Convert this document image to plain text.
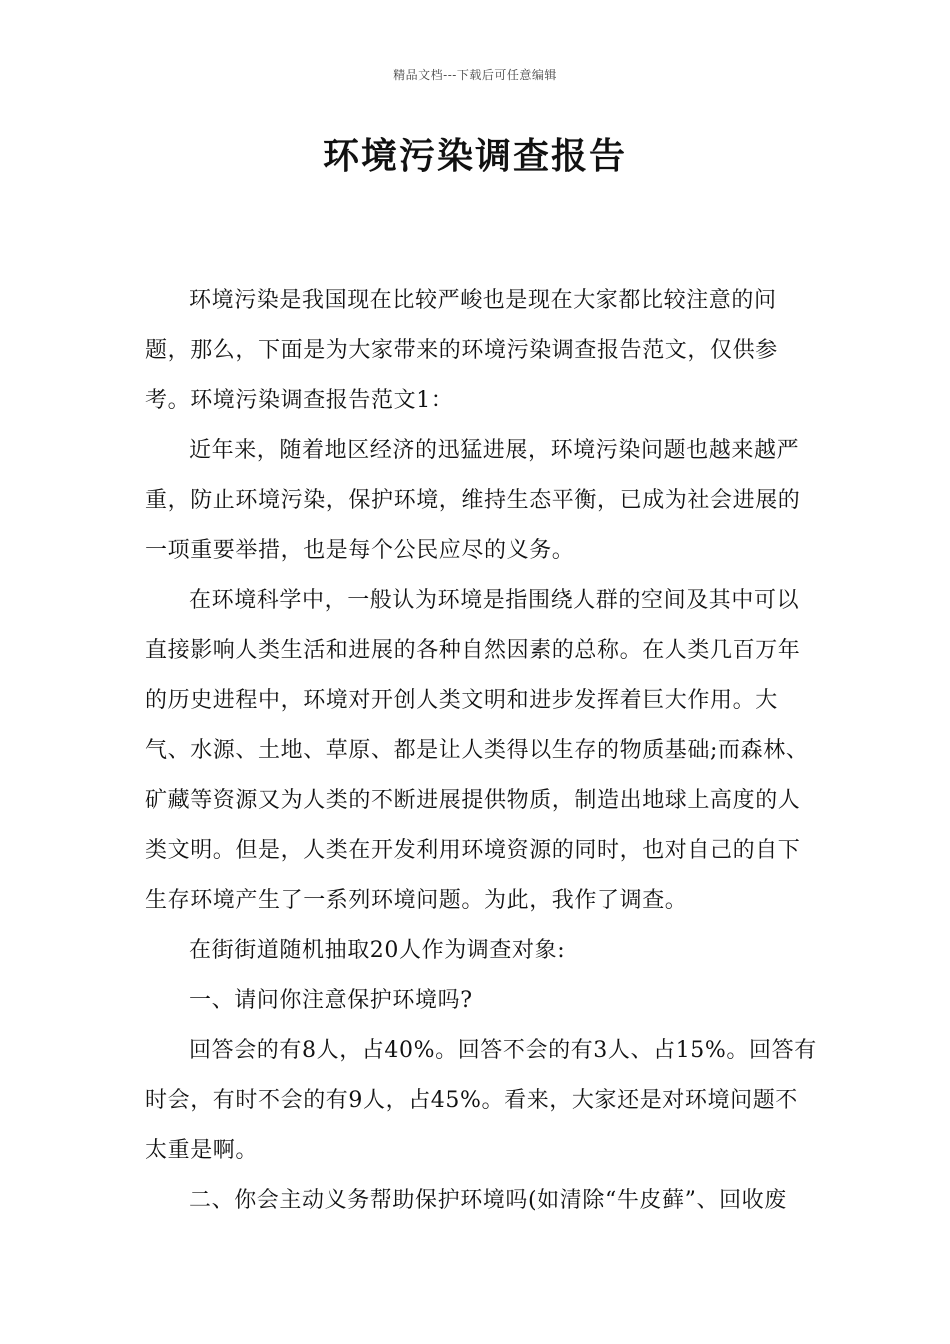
精品文档---下载后可任意编辑
环境污染调查报告

环境污染是我国现在比较严峻也是现在大家都比较注意的问题，那么，下面是为大家带来的环境污染调查报告范文，仅供参考。环境污染调查报告范文1：

近年来，随着地区经济的迅猛进展，环境污染问题也越来越严重，防止环境污染，保护环境，维持生态平衡，已成为社会进展的一项重要举措，也是每个公民应尽的义务。

在环境科学中，一般认为环境是指围绕人群的空间及其中可以直接影响人类生活和进展的各种自然因素的总称。在人类几百万年的历史进程中，环境对开创人类文明和进步发挥着巨大作用。大气、水源、土地、草原、都是让人类得以生存的物质基础;而森林、矿藏等资源又为人类的不断进展提供物质，制造出地球上高度的人类文明。但是，人类在开发利用环境资源的同时，也对自己的自下生存环境产生了一系列环境问题。为此，我作了调查。

在街街道随机抽取20人作为调查对象:

一、请问你注意保护环境吗?

回答会的有8人，占40%。回答不会的有3人、占15%。回答有时会，有时不会的有9人，占45%。看来，大家还是对环境问题不太重是啊。

二、你会主动义务帮助保护环境吗(如清除“牛皮藓”、回收废
